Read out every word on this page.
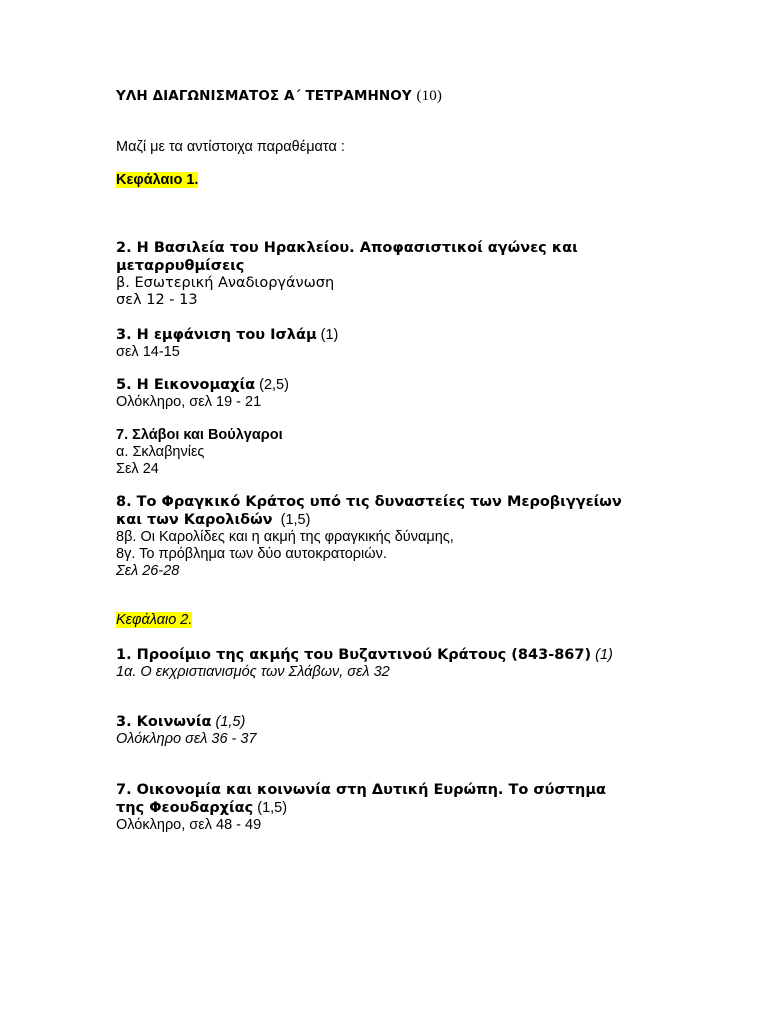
ΥΛΗ ΔΙΑΓΩΝΙΣΜΑΤΟΣ Α΄ ΤΕΤΡΑΜΗΝΟΥ (10)
Μαζί με τα αντίστοιχα παραθέματα :
Κεφάλαιο 1.
2. Η Βασιλεία του Ηρακλείου. Αποφασιστικοί αγώνες και
μεταρρυθμίσεις
β. Εσωτερική Αναδιοργάνωση
σελ 12 - 13
3. Η εμφάνιση του Ισλάμ (1)
σελ 14-15
5. Η Εικονομαχία (2,5)
Ολόκληρο, σελ 19 - 21
7. Σλάβοι και Βούλγαροι
α. Σκλαβηνίες
Σελ 24
8. Το Φραγκικό Κράτος υπό τις δυναστείες των Μεροβιγγείων
και των Καρολιδών (1,5)
8β. Οι Καρολίδες και η ακμή της φραγκικής δύναμης,
8γ. Το πρόβλημα των δύο αυτοκρατοριών.
Σελ 26-28
Κεφάλαιο 2.
1. Προοίμιο της ακμής του Βυζαντινού Κράτους (843-867) (1)
1α. Ο εκχριστιανισμός των Σλάβων, σελ 32
3. Κοινωνία (1,5)
Ολόκληρο σελ 36 - 37
7. Οικονομία και κοινωνία στη Δυτική Ευρώπη. Το σύστημα
της Φεουδαρχίας (1,5)
Ολόκληρο, σελ 48 - 49
